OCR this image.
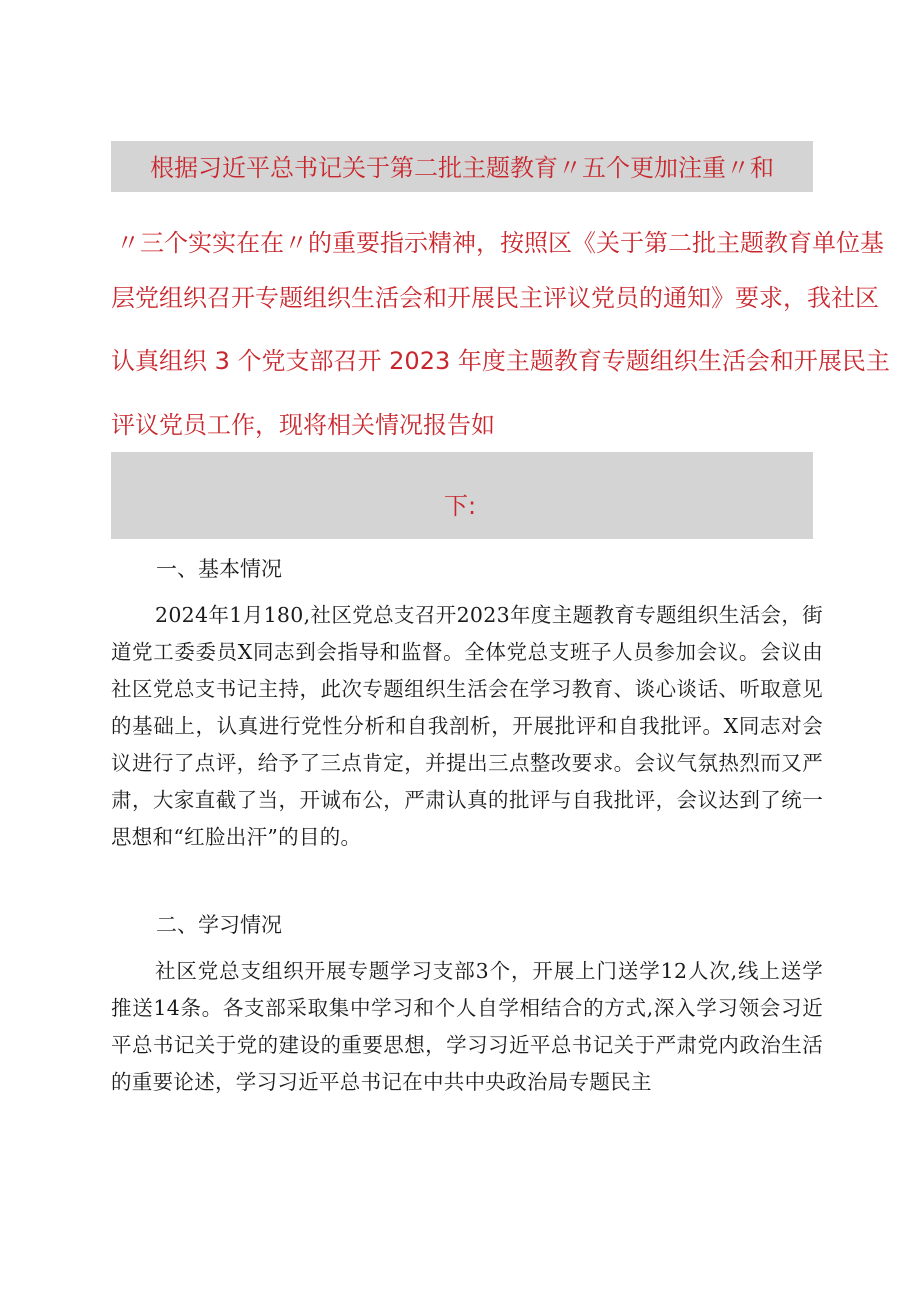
根据习近平总书记关于第二批主题教育〃五个更加注重〃和
〃三个实实在在〃的重要指示精神，按照区《关于第二批主题教育单位基
层党组织召开专题组织生活会和开展民主评议党员的通知》要求，我社区
认真组织 3 个党支部召开 2023 年度主题教育专题组织生活会和开展民主
评议党员工作，现将相关情况报告如
下:
一、基本情况

2024年1月180,社区党总支召开2023年度主题教育专题组织生活会，街道党工委委员X同志到会指导和监督。全体党总支班子人员参加会议。会议由社区党总支书记主持，此次专题组织生活会在学习教育、谈心谈话、听取意见的基础上，认真进行党性分析和自我剖析，开展批评和自我批评。X同志对会议进行了点评，给予了三点肯定，并提出三点整改要求。会议气氛热烈而又严肃，大家直截了当，开诚布公，严肃认真的批评与自我批评，会议达到了统一思想和“红脸出汗”的目的。

二、学习情况

社区党总支组织开展专题学习支部3个，开展上门送学12人次,线上送学推送14条。各支部采取集中学习和个人自学相结合的方式,深入学习领会习近平总书记关于党的建设的重要思想，学习习近平总书记关于严肃党内政治生活的重要论述，学习习近平总书记在中共中央政治局专题民主
